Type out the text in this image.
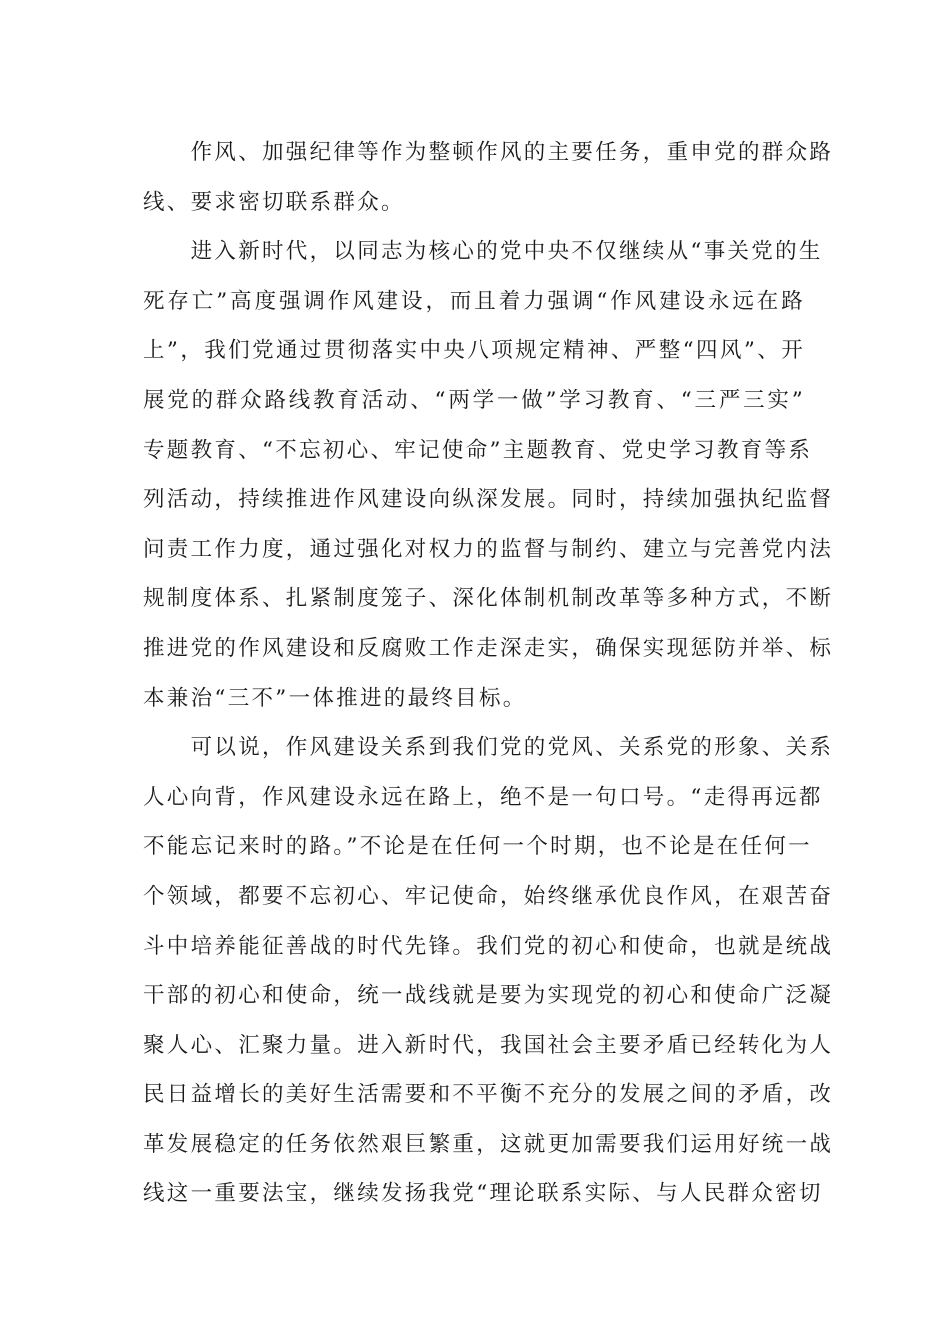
　　作风、加强纪律等作为整顿作风的主要任务，重申党的群众路
线、要求密切联系群众。

　　进入新时代，以同志为核心的党中央不仅继续从“事关党的生
死存亡”高度强调作风建设，而且着力强调“作风建设永远在路
上”，我们党通过贯彻落实中央八项规定精神、严整“四风”、开
展党的群众路线教育活动、“两学一做”学习教育、“三严三实”
专题教育、“不忘初心、牢记使命”主题教育、党史学习教育等系
列活动，持续推进作风建设向纵深发展。同时，持续加强执纪监督
问责工作力度，通过强化对权力的监督与制约、建立与完善党内法
规制度体系、扎紧制度笼子、深化体制机制改革等多种方式，不断
推进党的作风建设和反腐败工作走深走实，确保实现惩防并举、标
本兼治“三不”一体推进的最终目标。

　　可以说，作风建设关系到我们党的党风、关系党的形象、关系
人心向背，作风建设永远在路上，绝不是一句口号。“走得再远都
不能忘记来时的路。”不论是在任何一个时期，也不论是在任何一
个领域，都要不忘初心、牢记使命，始终继承优良作风，在艰苦奋
斗中培养能征善战的时代先锋。我们党的初心和使命，也就是统战
干部的初心和使命，统一战线就是要为实现党的初心和使命广泛凝
聚人心、汇聚力量。进入新时代，我国社会主要矛盾已经转化为人
民日益增长的美好生活需要和不平衡不充分的发展之间的矛盾，改
革发展稳定的任务依然艰巨繁重，这就更加需要我们运用好统一战
线这一重要法宝，继续发扬我党“理论联系实际、与人民群众密切
